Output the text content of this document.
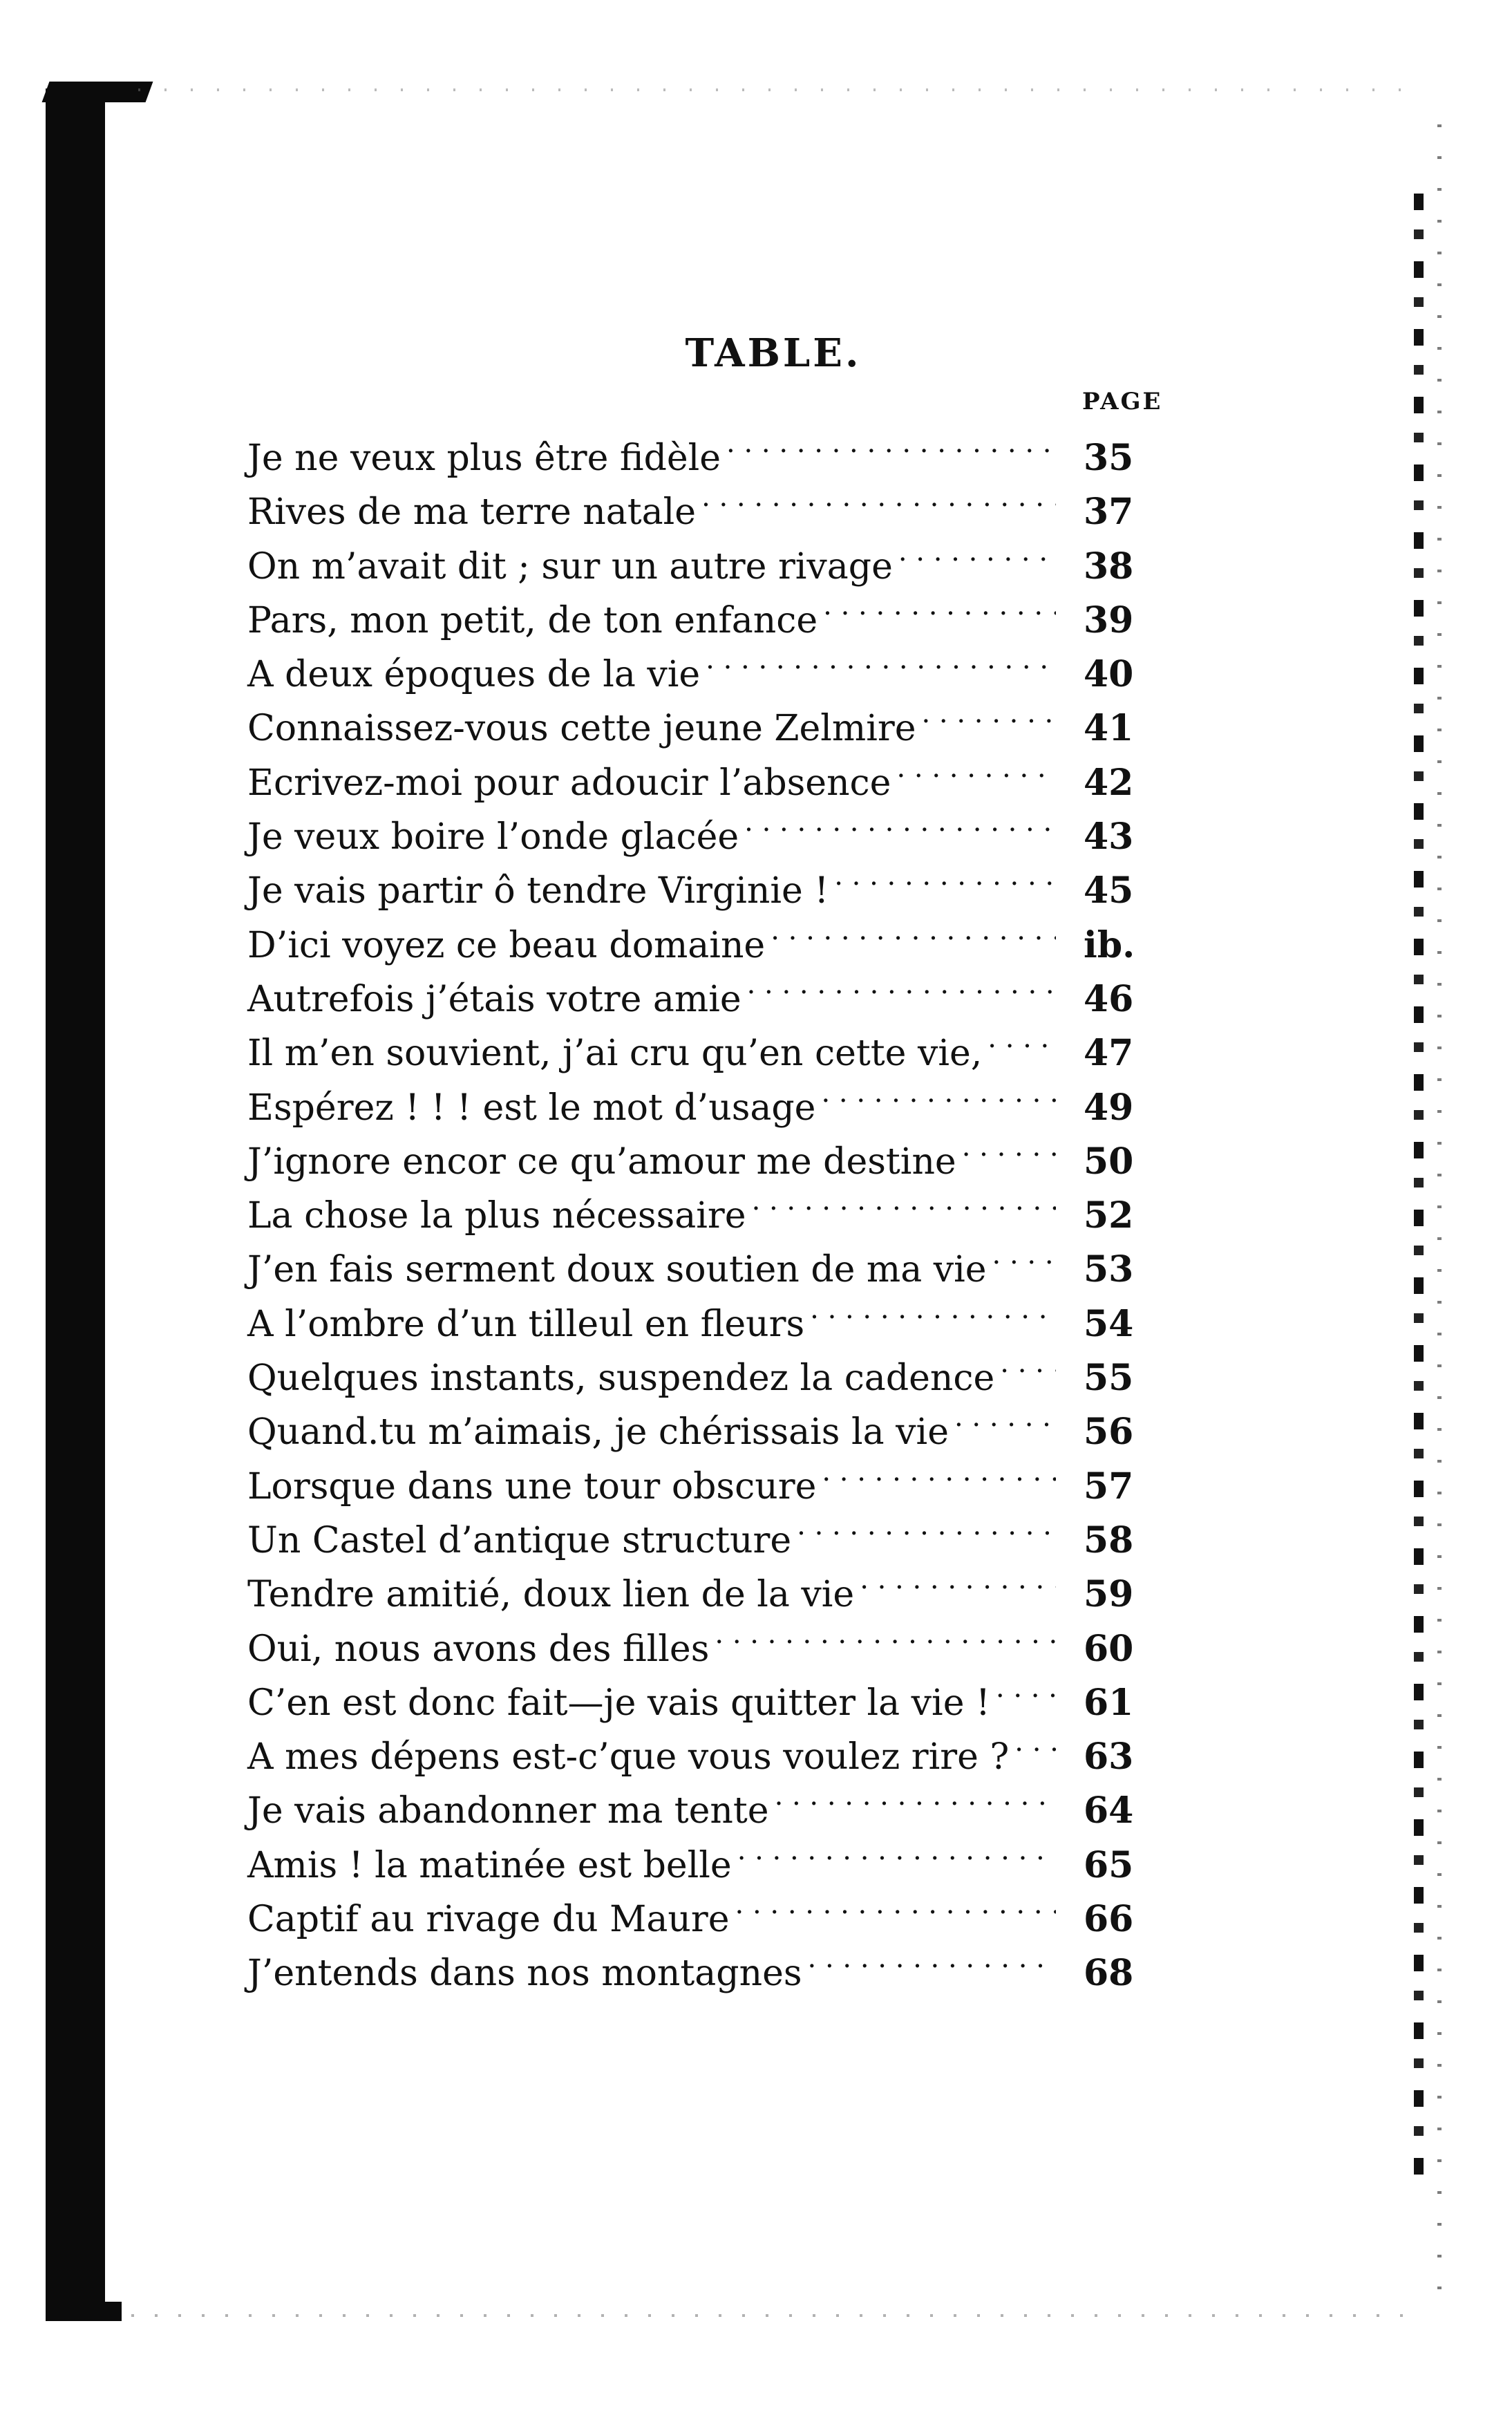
TABLE.
PAGE
Je ne veux plus être fidèle . . .	35
Rives de ma terre natale . . .	37
On m’avait dit ; sur un autre rivage . . .	38
Pars, mon petit, de ton enfance . . .	39
A deux époques de la vie . . .	40
Connaissez-vous cette jeune Zelmire . . .	41
Ecrivez-moi pour adoucir l’absence . . .	42
Je veux boire l’onde glacée . . .	43
Je vais partir ô tendre Virginie ! . . .	45
D’ici voyez ce beau domaine . . .	ib.
Autrefois j’étais votre amie . . .	46
Il m’en souvient, j’ai cru qu’en cette vie, . . .	47
Espérez ! ! ! est le mot d’usage . . .	49
J’ignore encor ce qu’amour me destine . . .	50
La chose la plus nécessaire . . .	52
J’en fais serment doux soutien de ma vie . . .	53
A l’ombre d’un tilleul en fleurs . . .	54
Quelques instants, suspendez la cadence . . .	55
Quand.tu m’aimais, je chérissais la vie . . .	56
Lorsque dans une tour obscure . . .	57
Un Castel d’antique structure . . .	58
Tendre amitié, doux lien de la vie . . .	59
Oui, nous avons des filles . . .	60
C’en est donc fait—je vais quitter la vie ! . . .	61
A mes dépens est-c’que vous voulez rire ? . . .	63
Je vais abandonner ma tente . . .	64
Amis ! la matinée est belle . . .	65
Captif au rivage du Maure . . .	66
J’entends dans nos montagnes . . .	68
